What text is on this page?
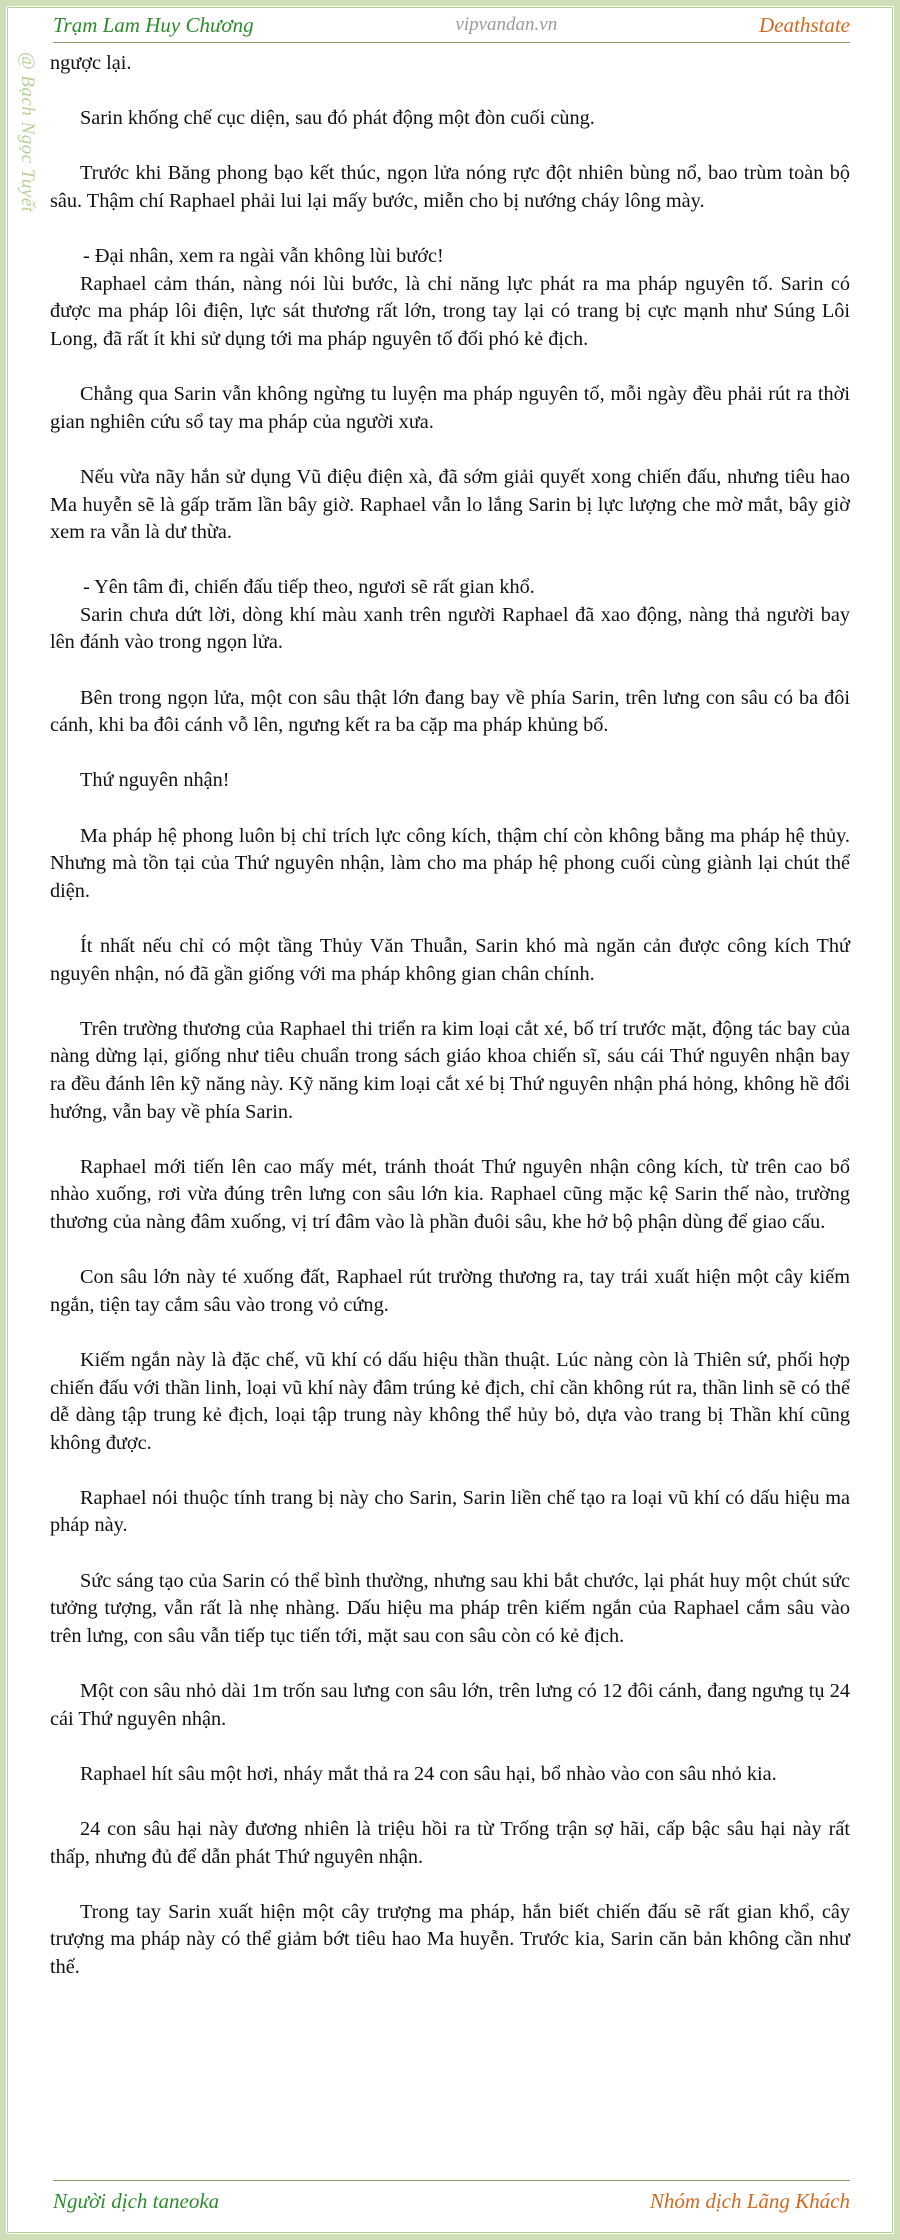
Trạm Lam Huy Chương	vipvandan.vn	Deathstate
@ Bạch Ngọc Tuyết ngược lại.

Sarin khống chế cục diện, sau đó phát động một đòn cuối cùng.

Trước khi Băng phong bạo kết thúc, ngọn lửa nóng rực đột nhiên bùng nổ, bao trùm toàn bộ sâu. Thậm chí Raphael phải lui lại mấy bước, miễn cho bị nướng cháy lông mày.

- Đại nhân, xem ra ngài vẫn không lùi bước!

Raphael cảm thán, nàng nói lùi bước, là chỉ năng lực phát ra ma pháp nguyên tố. Sarin có được ma pháp lôi điện, lực sát thương rất lớn, trong tay lại có trang bị cực mạnh như Súng Lôi Long, đã rất ít khi sử dụng tới ma pháp nguyên tố đối phó kẻ địch.

Chẳng qua Sarin vẫn không ngừng tu luyện ma pháp nguyên tố, mỗi ngày đều phải rút ra thời gian nghiên cứu sổ tay ma pháp của người xưa.

Nếu vừa nãy hắn sử dụng Vũ điệu điện xà, đã sớm giải quyết xong chiến đấu, nhưng tiêu hao Ma huyễn sẽ là gấp trăm lần bây giờ. Raphael vẫn lo lắng Sarin bị lực lượng che mờ mắt, bây giờ xem ra vẫn là dư thừa.

- Yên tâm đi, chiến đấu tiếp theo, ngươi sẽ rất gian khổ.

Sarin chưa dứt lời, dòng khí màu xanh trên người Raphael đã xao động, nàng thả người bay lên đánh vào trong ngọn lửa.

Bên trong ngọn lửa, một con sâu thật lớn đang bay về phía Sarin, trên lưng con sâu có ba đôi cánh, khi ba đôi cánh vỗ lên, ngưng kết ra ba cặp ma pháp khủng bố.

Thứ nguyên nhận!

Ma pháp hệ phong luôn bị chỉ trích lực công kích, thậm chí còn không bằng ma pháp hệ thủy. Nhưng mà tồn tại của Thứ nguyên nhận, làm cho ma pháp hệ phong cuối cùng giành lại chút thể diện.

Ít nhất nếu chỉ có một tầng Thủy Văn Thuẫn, Sarin khó mà ngăn cản được công kích Thứ nguyên nhận, nó đã gần giống với ma pháp không gian chân chính.

Trên trường thương của Raphael thi triển ra kim loại cắt xé, bố trí trước mặt, động tác bay của nàng dừng lại, giống như tiêu chuẩn trong sách giáo khoa chiến sĩ, sáu cái Thứ nguyên nhận bay ra đều đánh lên kỹ năng này. Kỹ năng kim loại cắt xé bị Thứ nguyên nhận phá hỏng, không hề đổi hướng, vẫn bay về phía Sarin.

Raphael mới tiến lên cao mấy mét, tránh thoát Thứ nguyên nhận công kích, từ trên cao bổ nhào xuống, rơi vừa đúng trên lưng con sâu lớn kia. Raphael cũng mặc kệ Sarin thế nào, trường thương của nàng đâm xuống, vị trí đâm vào là phần đuôi sâu, khe hở bộ phận dùng để giao cấu.

Con sâu lớn này té xuống đất, Raphael rút trường thương ra, tay trái xuất hiện một cây kiếm ngắn, tiện tay cắm sâu vào trong vỏ cứng.

Kiếm ngắn này là đặc chế, vũ khí có dấu hiệu thần thuật. Lúc nàng còn là Thiên sứ, phối hợp chiến đấu với thần linh, loại vũ khí này đâm trúng kẻ địch, chỉ cần không rút ra, thần linh sẽ có thể dễ dàng tập trung kẻ địch, loại tập trung này không thể hủy bỏ, dựa vào trang bị Thần khí cũng không được.

Raphael nói thuộc tính trang bị này cho Sarin, Sarin liền chế tạo ra loại vũ khí có dấu hiệu ma pháp này.

Sức sáng tạo của Sarin có thể bình thường, nhưng sau khi bắt chước, lại phát huy một chút sức tưởng tượng, vẫn rất là nhẹ nhàng. Dấu hiệu ma pháp trên kiếm ngắn của Raphael cắm sâu vào trên lưng, con sâu vẫn tiếp tục tiến tới, mặt sau con sâu còn có kẻ địch.

Một con sâu nhỏ dài 1m trốn sau lưng con sâu lớn, trên lưng có 12 đôi cánh, đang ngưng tụ 24 cái Thứ nguyên nhận.

Raphael hít sâu một hơi, nháy mắt thả ra 24 con sâu hại, bổ nhào vào con sâu nhỏ kia.

24 con sâu hại này đương nhiên là triệu hồi ra từ Trống trận sợ hãi, cấp bậc sâu hại này rất thấp, nhưng đủ để dẫn phát Thứ nguyên nhận.

Trong tay Sarin xuất hiện một cây trượng ma pháp, hắn biết chiến đấu sẽ rất gian khổ, cây trượng ma pháp này có thể giảm bớt tiêu hao Ma huyễn. Trước kia, Sarin căn bản không cần như thế.

Người dịch taneoka	Nhóm dịch Lãng Khách
